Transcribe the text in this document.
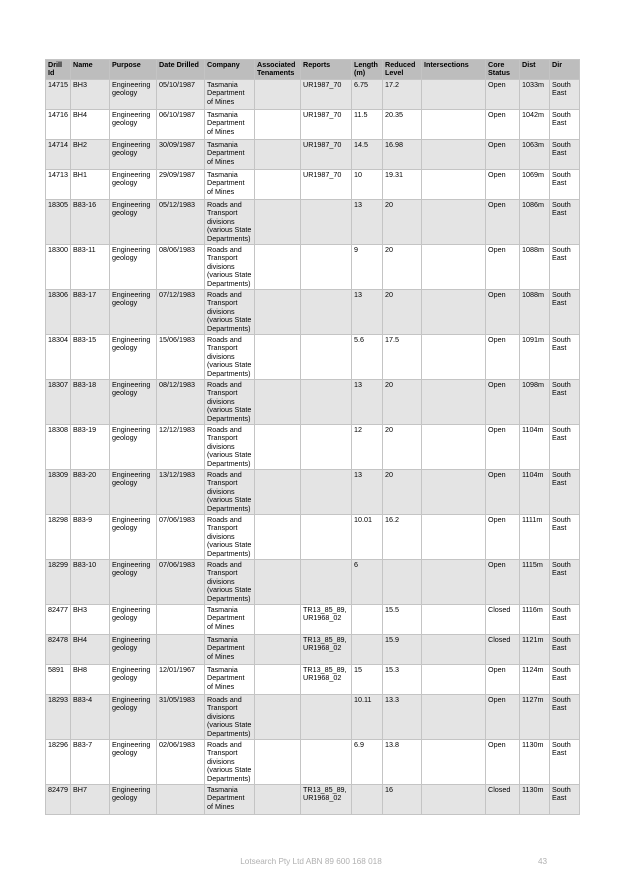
Drill Id	Name	Purpose	Date Drilled	Company	Associated Tenaments	Reports	Length (m)	Reduced Level	Intersections	Core Status	Dist	Dir
14715	BH3	Engineering geology	05/10/1987	Tasmania Department of Mines		UR1987_70	6.75	17.2		Open	1033m	South East
14716	BH4	Engineering geology	06/10/1987	Tasmania Department of Mines		UR1987_70	11.5	20.35		Open	1042m	South East
14714	BH2	Engineering geology	30/09/1987	Tasmania Department of Mines		UR1987_70	14.5	16.98		Open	1063m	South East
14713	BH1	Engineering geology	29/09/1987	Tasmania Department of Mines		UR1987_70	10	19.31		Open	1069m	South East
18305	B83-16	Engineering geology	05/12/1983	Roads and Transport divisions (various State Departments)			13	20		Open	1086m	South East
18300	B83-11	Engineering geology	08/06/1983	Roads and Transport divisions (various State Departments)			9	20		Open	1088m	South East
18306	B83-17	Engineering geology	07/12/1983	Roads and Transport divisions (various State Departments)			13	20		Open	1088m	South East
18304	B83-15	Engineering geology	15/06/1983	Roads and Transport divisions (various State Departments)			5.6	17.5		Open	1091m	South East
18307	B83-18	Engineering geology	08/12/1983	Roads and Transport divisions (various State Departments)			13	20		Open	1098m	South East
18308	B83-19	Engineering geology	12/12/1983	Roads and Transport divisions (various State Departments)			12	20		Open	1104m	South East
18309	B83-20	Engineering geology	13/12/1983	Roads and Transport divisions (various State Departments)			13	20		Open	1104m	South East
18298	B83-9	Engineering geology	07/06/1983	Roads and Transport divisions (various State Departments)			10.01	16.2		Open	1111m	South East
18299	B83-10	Engineering geology	07/06/1983	Roads and Transport divisions (various State Departments)			6			Open	1115m	South East
82477	BH3	Engineering geology		Tasmania Department of Mines		TR13_85_89, UR1968_02		15.5		Closed	1116m	South East
82478	BH4	Engineering geology		Tasmania Department of Mines		TR13_85_89, UR1968_02		15.9		Closed	1121m	South East
5891	BH8	Engineering geology	12/01/1967	Tasmania Department of Mines		TR13_85_89, UR1968_02	15	15.3		Open	1124m	South East
18293	B83-4	Engineering geology	31/05/1983	Roads and Transport divisions (various State Departments)			10.11	13.3		Open	1127m	South East
18296	B83-7	Engineering geology	02/06/1983	Roads and Transport divisions (various State Departments)			6.9	13.8		Open	1130m	South East
82479	BH7	Engineering geology		Tasmania Department of Mines		TR13_85_89, UR1968_02		16		Closed	1130m	South East
Lotsearch Pty Ltd ABN 89 600 168 018	43
